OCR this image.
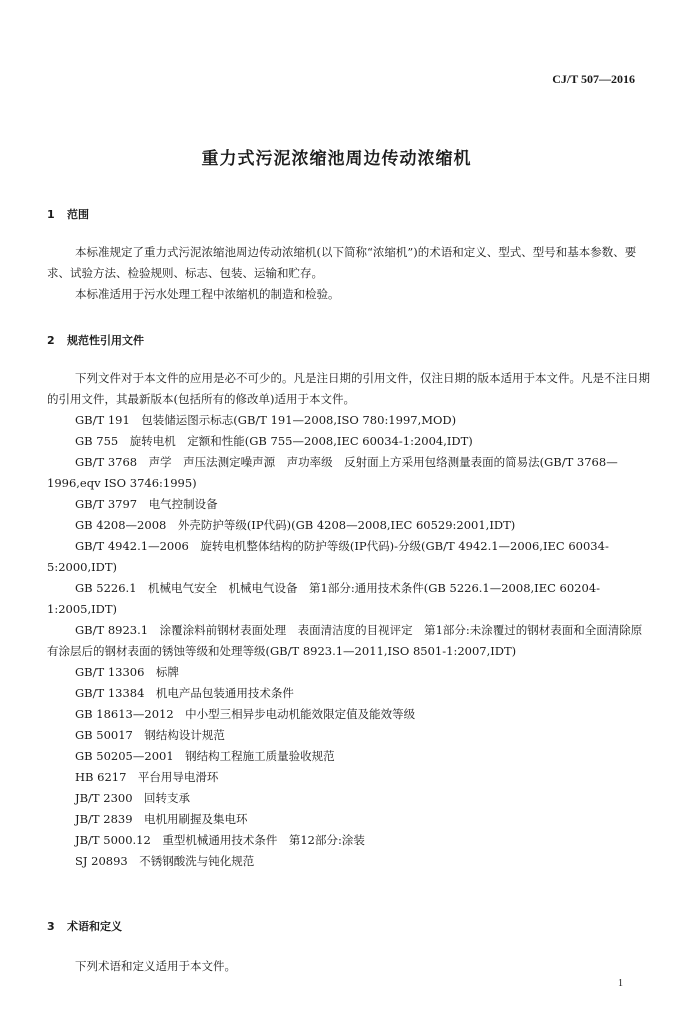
CJ/T 507—2016
重力式污泥浓缩池周边传动浓缩机
1 范围

本标准规定了重力式污泥浓缩池周边传动浓缩机(以下简称“浓缩机”)的术语和定义、型式、型号和基本参数、要求、试验方法、检验规则、标志、包装、运输和贮存。

本标准适用于污水处理工程中浓缩机的制造和检验。

2 规范性引用文件

下列文件对于本文件的应用是必不可少的。凡是注日期的引用文件，仅注日期的版本适用于本文件。凡是不注日期的引用文件，其最新版本(包括所有的修改单)适用于本文件。

GB/T 191　包装储运图示标志(GB/T 191—2008,ISO 780:1997,MOD)

GB 755　旋转电机　定额和性能(GB 755—2008,IEC 60034-1:2004,IDT)

GB/T 3768　声学　声压法测定噪声源　声功率级　反射面上方采用包络测量表面的简易法(GB/T 3768—1996,eqv ISO 3746:1995)

GB/T 3797　电气控制设备

GB 4208—2008　外壳防护等级(IP代码)(GB 4208—2008,IEC 60529:2001,IDT)

GB/T 4942.1—2006　旋转电机整体结构的防护等级(IP代码)-分级(GB/T 4942.1—2006,IEC 60034-5:2000,IDT)

GB 5226.1　机械电气安全　机械电气设备　第1部分:通用技术条件(GB 5226.1—2008,IEC 60204-1:2005,IDT)

GB/T 8923.1　涂覆涂料前钢材表面处理　表面清洁度的目视评定　第1部分:未涂覆过的钢材表面和全面清除原有涂层后的钢材表面的锈蚀等级和处理等级(GB/T 8923.1—2011,ISO 8501-1:2007,IDT)

GB/T 13306　标牌

GB/T 13384　机电产品包装通用技术条件

GB 18613—2012　中小型三相异步电动机能效限定值及能效等级

GB 50017　钢结构设计规范

GB 50205—2001　钢结构工程施工质量验收规范

HB 6217　平台用导电滑环

JB/T 2300　回转支承

JB/T 2839　电机用刷握及集电环

JB/T 5000.12　重型机械通用技术条件　第12部分:涂装

SJ 20893　不锈钢酸洗与钝化规范

3 术语和定义

下列术语和定义适用于本文件。

1
